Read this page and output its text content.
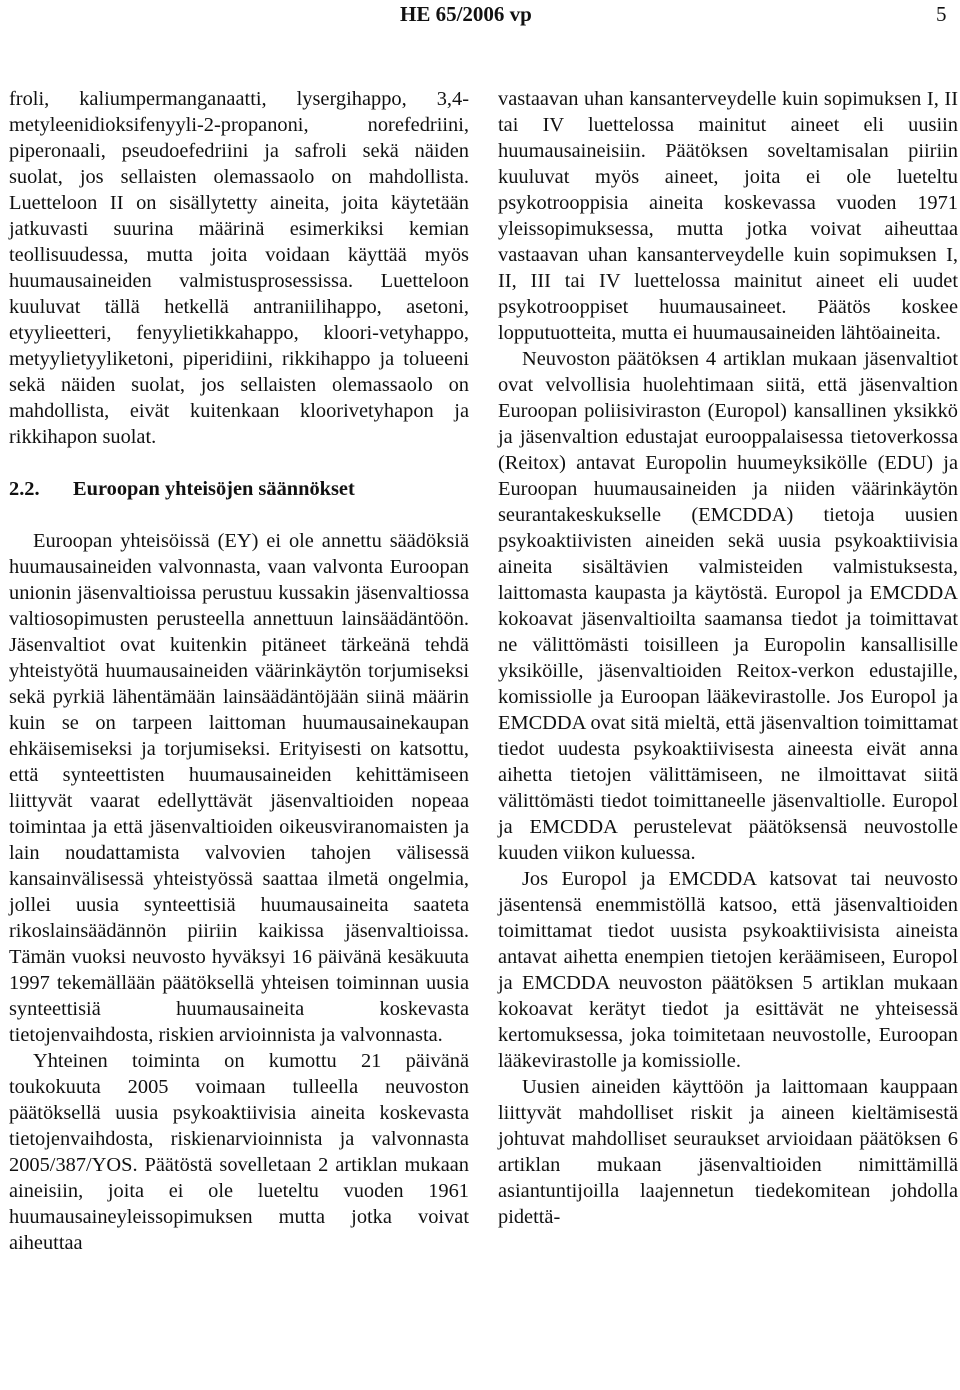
HE 65/2006 vp	5

froli, kaliumpermanganaatti, lysergihappo, 3,4-metyleenidioksifenyyli-2-propanoni, norefedriini, piperonaali, pseudoefedriini ja safroli sekä näiden suolat, jos sellaisten olemassaolo on mahdollista. Luetteloon II on sisällytetty aineita, joita käytetään jatkuvasti suurina määrinä esimerkiksi kemian teollisuudessa, mutta joita voidaan käyttää myös huumausaineiden valmistusprosessissa. Luetteloon kuuluvat tällä hetkellä antraniilihappo, asetoni, etyylieetteri, fenyylietikkahappo, kloori-vetyhappo, metyylietyyliketoni, piperidiini, rikkihappo ja tolueeni sekä näiden suolat, jos sellaisten olemassaolo on mahdollista, eivät kuitenkaan kloorivetyhapon ja rikkihapon suolat.

2.2. Euroopan yhteisöjen säännökset

Euroopan yhteisöissä (EY) ei ole annettu säädöksiä huumausaineiden valvonnasta, vaan valvonta Euroopan unionin jäsenvaltioissa perustuu kussakin jäsenvaltiossa valtiosopimusten perusteella annettuun lainsäädäntöön. Jäsenvaltiot ovat kuitenkin pitäneet tärkeänä tehdä yhteistyötä huumausaineiden väärinkäytön torjumiseksi sekä pyrkiä lähentämään lainsäädäntöjään siinä määrin kuin se on tarpeen laittoman huumausainekaupan ehkäisemiseksi ja torjumiseksi. Erityisesti on katsottu, että synteettisten huumausaineiden kehittämiseen liittyvät vaarat edellyttävät jäsenvaltioiden nopeaa toimintaa ja että jäsenvaltioiden oikeusviranomaisten ja lain noudattamista valvovien tahojen välisessä kansainvälisessä yhteistyössä saattaa ilmetä ongelmia, jollei uusia synteettisiä huumausaineita saateta rikoslainsäädännön piiriin kaikissa jäsenvaltioissa. Tämän vuoksi neuvosto hyväksyi 16 päivänä kesäkuuta 1997 tekemällään päätöksellä yhteisen toiminnan uusia synteettisiä huumausaineita koskevasta tietojenvaihdosta, riskien arvioinnista ja valvonnasta.

Yhteinen toiminta on kumottu 21 päivänä toukokuuta 2005 voimaan tulleella neuvoston päätöksellä uusia psykoaktiivisia aineita koskevasta tietojenvaihdosta, riskienarvioinnista ja valvonnasta 2005/387/YOS. Päätöstä sovelletaan 2 artiklan mukaan aineisiin, joita ei ole lueteltu vuoden 1961 huumausaineyleissopimuksen mutta jotka voivat aiheuttaa

vastaavan uhan kansanterveydelle kuin sopimuksen I, II tai IV luettelossa mainitut aineet eli uusiin huumausaineisiin. Päätöksen soveltamisalan piiriin kuuluvat myös aineet, joita ei ole lueteltu psykotrooppisia aineita koskevassa vuoden 1971 yleissopimuksessa, mutta jotka voivat aiheuttaa vastaavan uhan kansanterveydelle kuin sopimuksen I, II, III tai IV luettelossa mainitut aineet eli uudet psykotrooppiset huumausaineet. Päätös koskee lopputuotteita, mutta ei huumausaineiden lähtöaineita.

Neuvoston päätöksen 4 artiklan mukaan jäsenvaltiot ovat velvollisia huolehtimaan siitä, että jäsenvaltion Euroopan poliisiviraston (Europol) kansallinen yksikkö ja jäsenvaltion edustajat eurooppalaisessa tietoverkossa (Reitox) antavat Europolin huumeyksikölle (EDU) ja Euroopan huumausaineiden ja niiden väärinkäytön seurantakeskukselle (EMCDDA) tietoja uusien psykoaktiivisten aineiden sekä uusia psykoaktiivisia aineita sisältävien valmisteiden valmistuksesta, laittomasta kaupasta ja käytöstä. Europol ja EMCDDA kokoavat jäsenvaltioilta saamansa tiedot ja toimittavat ne välittömästi toisilleen ja Europolin kansallisille yksiköille, jäsenvaltioiden Reitox-verkon edustajille, komissiolle ja Euroopan lääkevirastolle. Jos Europol ja EMCDDA ovat sitä mieltä, että jäsenvaltion toimittamat tiedot uudesta psykoaktiivisesta aineesta eivät anna aihetta tietojen välittämiseen, ne ilmoittavat siitä välittömästi tiedot toimittaneelle jäsenvaltiolle. Europol ja EMCDDA perustelevat päätöksensä neuvostolle kuuden viikon kuluessa.

Jos Europol ja EMCDDA katsovat tai neuvosto jäsentensä enemmistöllä katsoo, että jäsenvaltioiden toimittamat tiedot uusista psykoaktiivisista aineista antavat aihetta enempien tietojen keräämiseen, Europol ja EMCDDA neuvoston päätöksen 5 artiklan mukaan kokoavat kerätyt tiedot ja esittävät ne yhteisessä kertomuksessa, joka toimitetaan neuvostolle, Euroopan lääkevirastolle ja komissiolle.

Uusien aineiden käyttöön ja laittomaan kauppaan liittyvät mahdolliset riskit ja aineen kieltämisestä johtuvat mahdolliset seuraukset arvioidaan päätöksen 6 artiklan mukaan jäsenvaltioiden nimittämillä asiantuntijoilla laajennetun tiedekomitean johdolla pidettä-
